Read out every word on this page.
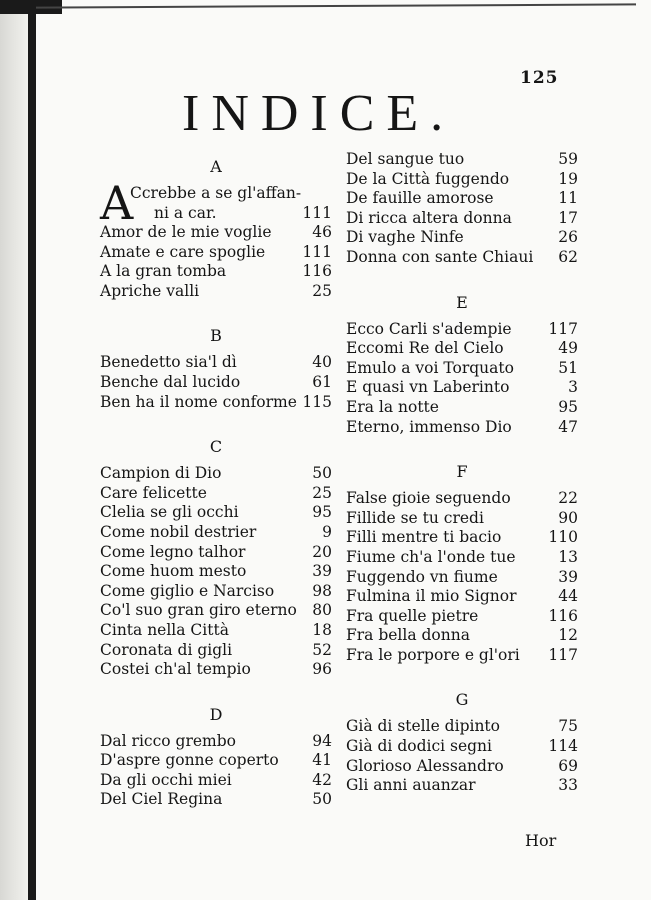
125
INDICE.
A
A
Ccrebbe a se gl'affan-
ni a car.	111
Amor de le mie voglie	46
Amate e care spoglie 111
A la gran tomba	116
Apriche valli	25
B
Benedetto sia'l dì	40
Benche dal lucido	61
Ben ha il nome conforme 115
C
Campion di Dio	50
Care felicette	25
Clelia se gli occhi	95
Come nobil destrier	9
Come legno talhor	20
Come huom mesto	39
Come giglio e Narciso 98
Co'l suo gran giro eterno 80
Cinta nella Città	18
Coronata di gigli	52
Costei ch'al tempio	96
D
Dal ricco grembo	94
D'aspre gonne coperto 41
Da gli occhi miei	42
Del Ciel Regina	50
Del sangue tuo	59
De la Città fuggendo	19
De fauille amorose	11
Di ricca altera donna	17
Di vaghe Ninfe	26
Donna con sante Chiaui 62
E
Ecco Carli s'adempie 117
Eccomi Re del Cielo	49
Emulo a voi Torquato	51
E quasi vn Laberinto	3
Era la notte	95
Eterno, immenso Dio	47
F
False gioie seguendo	22
Fillide se tu credi	90
Filli mentre ti bacio	110
Fiume ch'a l'onde tue	13
Fuggendo vn fiume	39
Fulmina il mio Signor	44
Fra quelle pietre	116
Fra bella donna	12
Fra le porpore e gl'ori 117
G
Già di stelle dipinto	75
Già di dodici segni	114
Glorioso Alessandro	69
Gli anni auanzar	33
Hor
